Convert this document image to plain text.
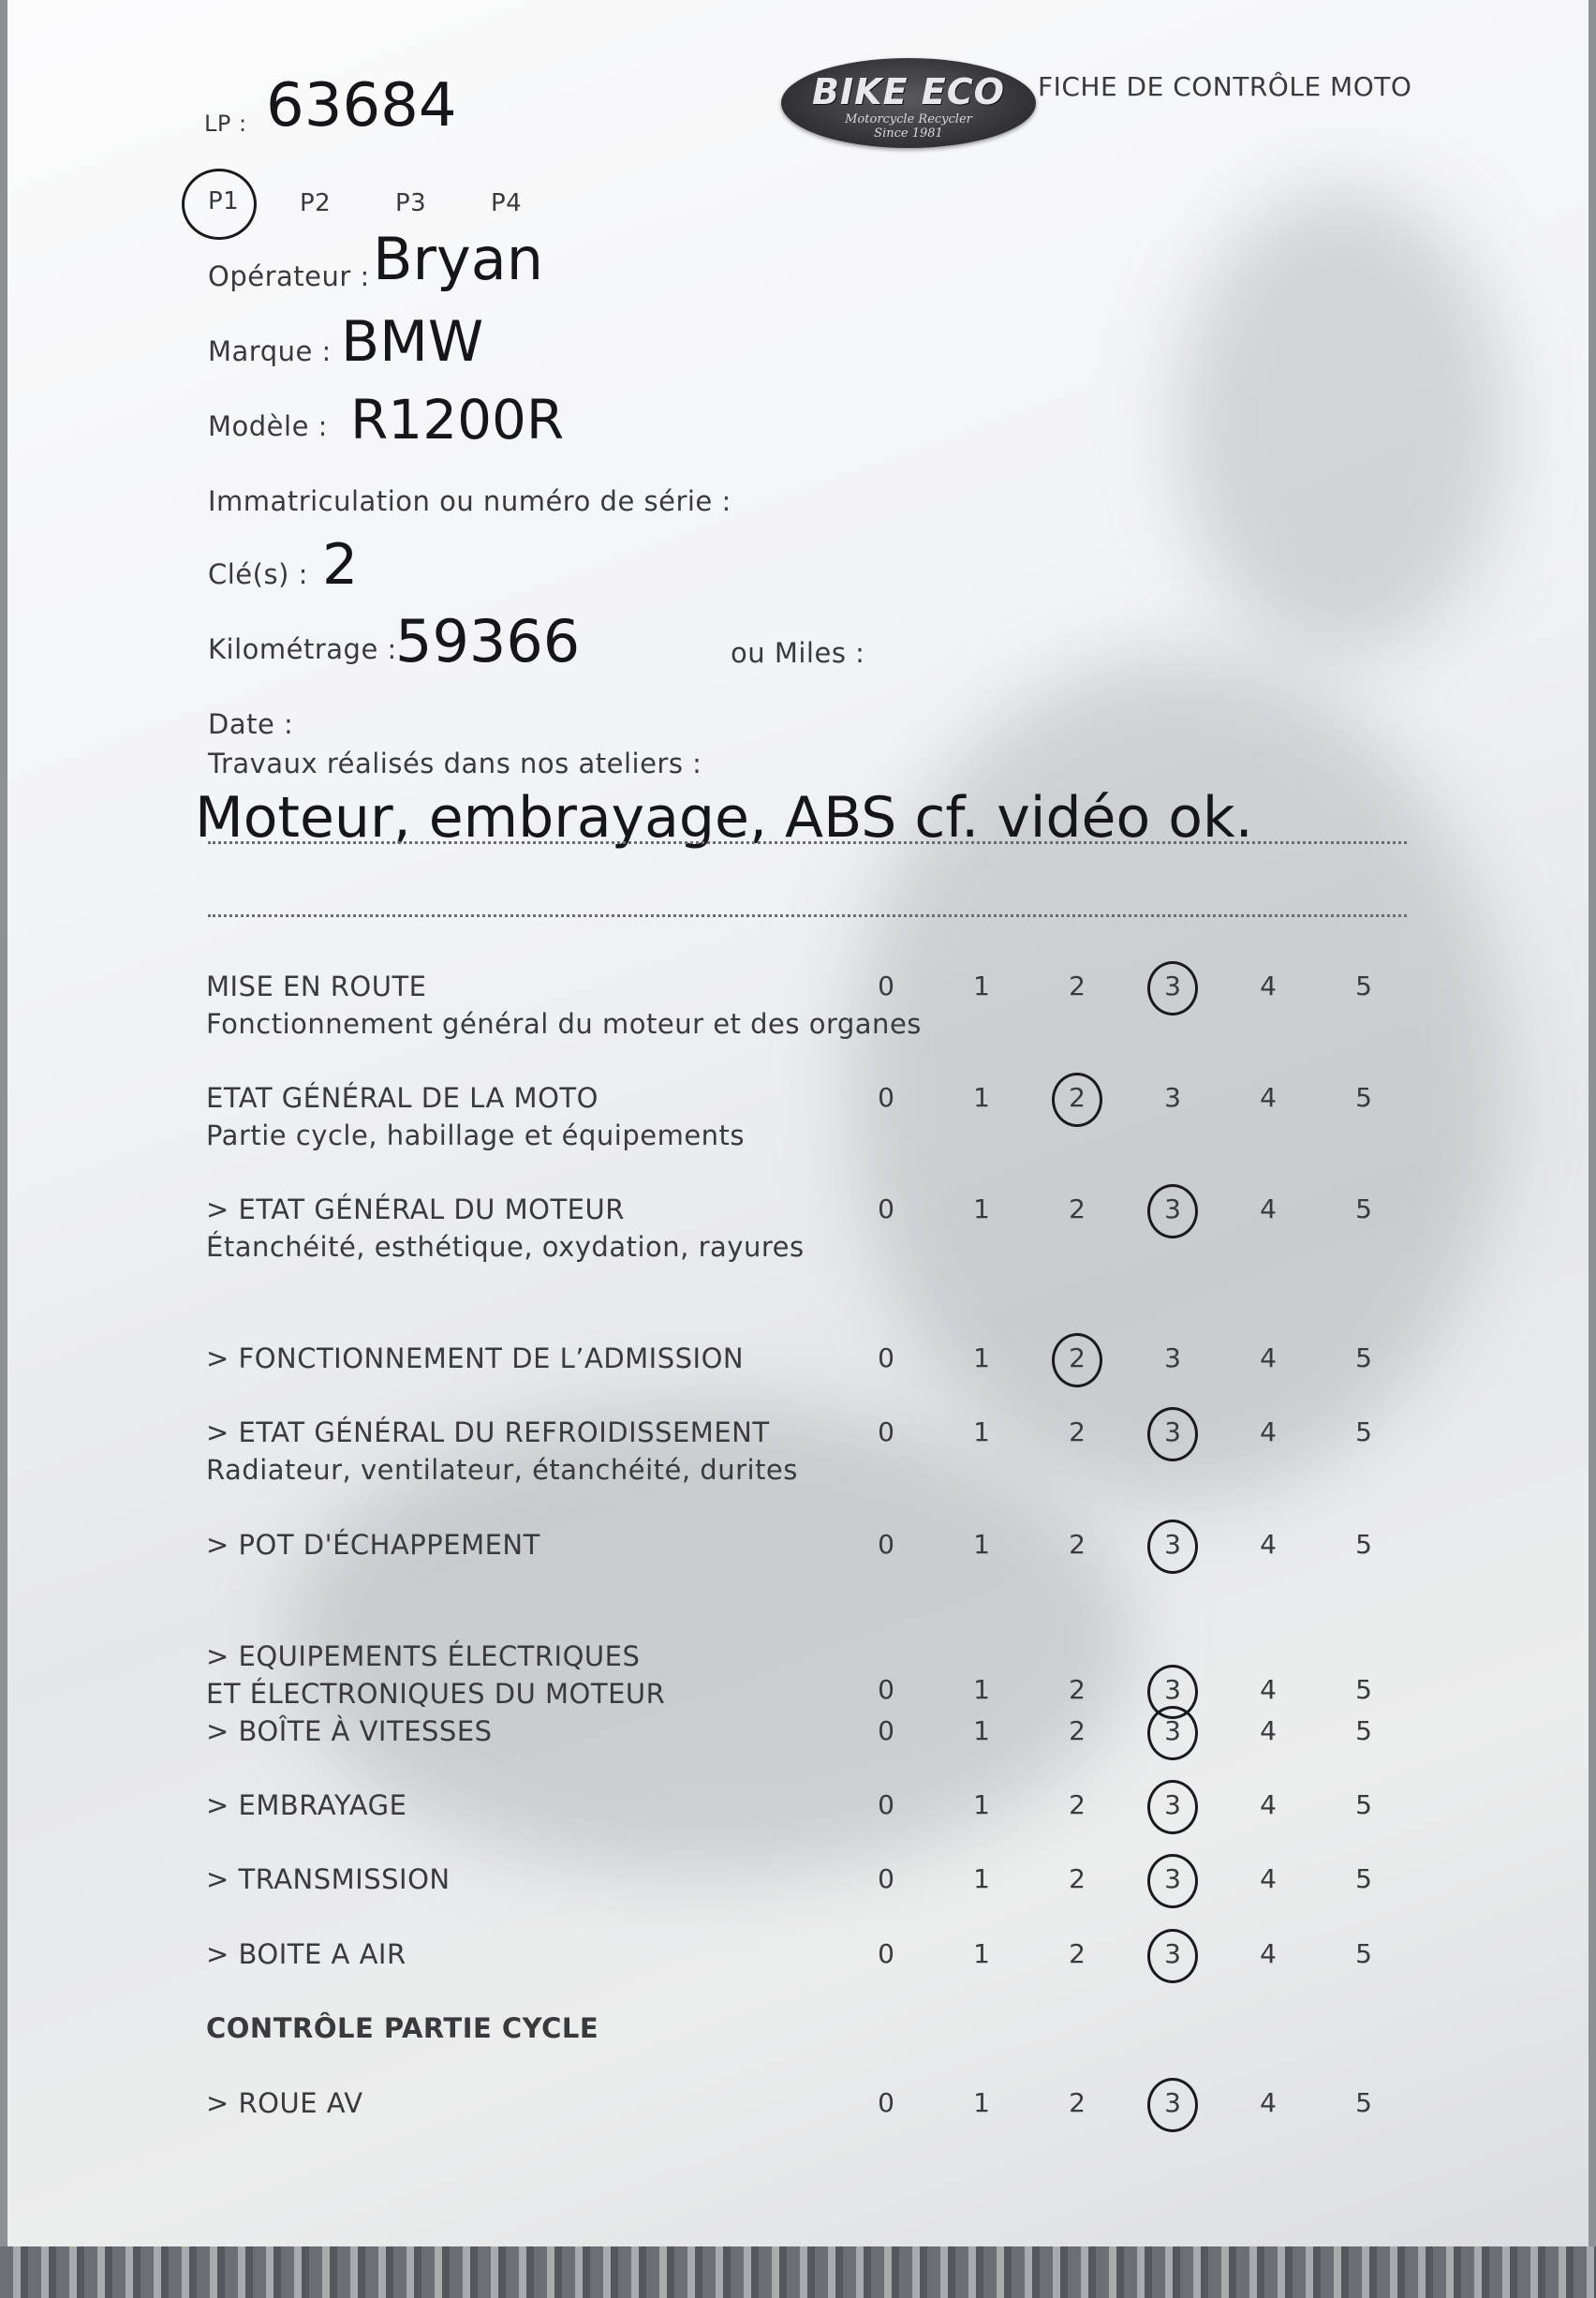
LP : 63684	BIKE ECO
Motorcycle Recycler
Since 1981
FICHE DE CONTRÔLE MOTO
P1 P2	P3	P4
Opérateur : Bryan
Marque : BMW
Modèle : R1200R
Immatriculation ou numéro de série :
Clé(s) : 2
Kilométrage :
59366	ou Miles :
Date :
Travaux réalisés dans nos ateliers :
Moteur, embrayage, ABS cf. vidéo ok.
MISE EN ROUTE
Fonctionnement général du moteur et des organes
0	1	2	3	4	5
ETAT GÉNÉRAL DE LA MOTO
Partie cycle, habillage et équipements
0	1	2	3	4	5
> ETAT GÉNÉRAL DU MOTEUR
Étanchéité, esthétique, oxydation, rayures
0	1	2	3	4	5
> FONCTIONNEMENT DE L’ADMISSION	0	1	2	3	4	5
> ETAT GÉNÉRAL DU REFROIDISSEMENT
Radiateur, ventilateur, étanchéité, durites
0	1	2	3	4	5
> POT D'ÉCHAPPEMENT	0	1	2	3	4	5
> EQUIPEMENTS ÉLECTRIQUES
ET ÉLECTRONIQUES DU MOTEUR	0	1	2	3	4	5
> BOÎTE À VITESSES	0	1	2	3	4	5
> EMBRAYAGE	0	1	2	3	4	5
> TRANSMISSION	0	1	2	3	4	5
> BOITE A AIR	0	1	2	3	4	5
CONTRÔLE PARTIE CYCLE
> ROUE AV	0	1	2	3	4	5
